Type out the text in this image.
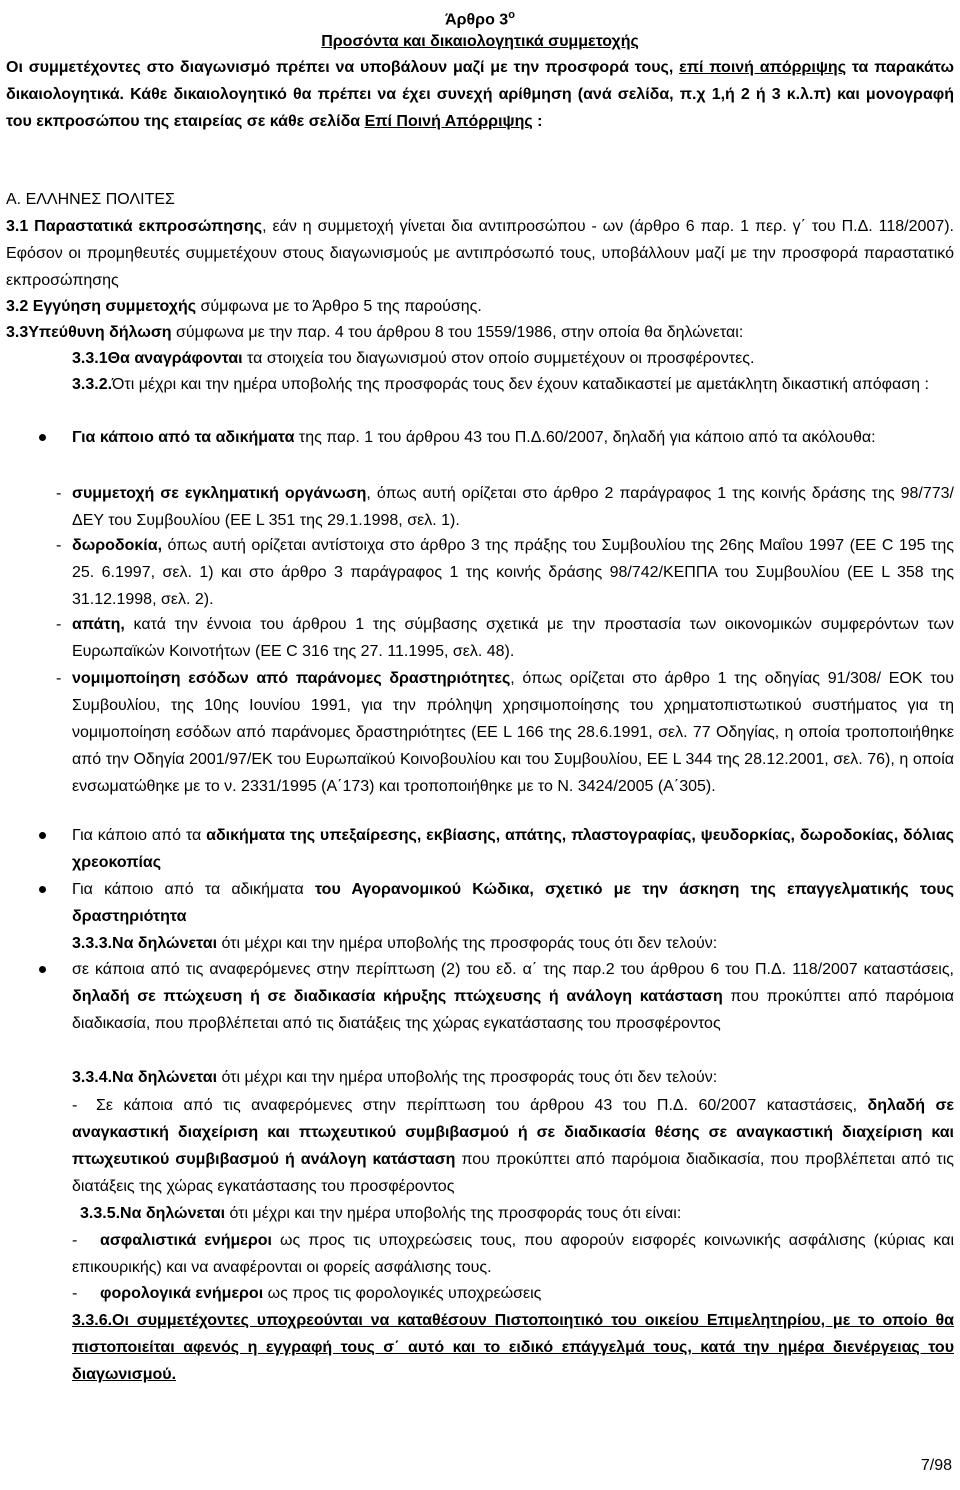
Άρθρο $3^o$
Προσόντα και δικαιολογητικά συμμετοχής
Οι συμμετέχοντες στο διαγωνισμό πρέπει να υποβάλουν μαζί με την προσφορά τους, επί ποινή απόρριψης τα παρακάτω δικαιολογητικά. Κάθε δικαιολογητικό θα πρέπει να έχει συνεχή αρίθμηση (ανά σελίδα, π.χ 1,ή 2 ή 3 κ.λ.π) και μονογραφή του εκπροσώπου της εταιρείας σε κάθε σελίδα Επί Ποινή Απόρριψης :
Α. ΕΛΛΗΝΕΣ ΠΟΛΙΤΕΣ
3.1 Παραστατικά εκπροσώπησης, εάν η συμμετοχή γίνεται δια αντιπροσώπου - ων (άρθρο 6 παρ. 1 περ. γ΄ του Π.Δ. 118/2007). Εφόσον οι προμηθευτές συμμετέχουν στους διαγωνισμούς με αντιπρόσωπό τους, υποβάλλουν μαζί με την προσφορά παραστατικό εκπροσώπησης
3.2 Εγγύηση συμμετοχής σύμφωνα με το Άρθρο 5 της παρούσης.
3.3Υπεύθυνη δήλωση σύμφωνα με την παρ. 4 του άρθρου 8 του 1559/1986, στην οποία θα δηλώνεται:
3.3.1Θα αναγράφονται τα στοιχεία του διαγωνισμού στον οποίο συμμετέχουν οι προσφέροντες.
3.3.2.Ότι μέχρι και την ημέρα υποβολής της προσφοράς τους δεν έχουν καταδικαστεί με αμετάκλητη δικαστική απόφαση :
Για κάποιο από τα αδικήματα της παρ. 1 του άρθρου 43 του Π.Δ.60/2007, δηλαδή για κάποιο από τα ακόλουθα:
- συμμετοχή σε εγκληματική οργάνωση, όπως αυτή ορίζεται στο άρθρο 2 παράγραφος 1 της κοινής δράσης της 98/773/ΔΕΥ του Συμβουλίου (ΕΕ L 351 της 29.1.1998, σελ. 1).
- δωροδοκία, όπως αυτή ορίζεται αντίστοιχα στο άρθρο 3 της πράξης του Συμβουλίου της 26ης Μαΐου 1997 (ΕΕ C 195 της 25. 6.1997, σελ. 1) και στο άρθρο 3 παράγραφος 1 της κοινής δράσης 98/742/ΚΕΠΠΑ του Συμβουλίου (ΕΕ L 358 της 31.12.1998, σελ. 2).
- απάτη, κατά την έννοια του άρθρου 1 της σύμβασης σχετικά με την προστασία των οικονομικών συμφερόντων των Ευρωπαϊκών Κοινοτήτων (ΕΕ C 316 της 27. 11.1995, σελ. 48).
- νομιμοποίηση εσόδων από παράνομες δραστηριότητες, όπως ορίζεται στο άρθρο 1 της οδηγίας 91/308/ ΕΟΚ του Συμβουλίου, της 10ης Ιουνίου 1991, για την πρόληψη χρησιμοποίησης του χρηματοπιστωτικού συστήματος για τη νομιμοποίηση εσόδων από παράνομες δραστηριότητες (ΕΕ L 166 της 28.6.1991, σελ. 77 Οδηγίας, η οποία τροποποιήθηκε από την Οδηγία 2001/97/ΕΚ του Ευρωπαϊκού Κοινοβουλίου και του Συμβουλίου, ΕΕ L 344 της 28.12.2001, σελ. 76), η οποία ενσωματώθηκε με το ν. 2331/1995 (Α΄173) και τροποποιήθηκε με το Ν. 3424/2005 (Α΄305).
Για κάποιο από τα αδικήματα της υπεξαίρεσης, εκβίασης, απάτης, πλαστογραφίας, ψευδορκίας, δωροδοκίας, δόλιας χρεοκοπίας
Για κάποιο από τα αδικήματα του Αγορανομικού Κώδικα, σχετικό με την άσκηση της επαγγελματικής τους δραστηριότητα
3.3.3.Να δηλώνεται ότι μέχρι και την ημέρα υποβολής της προσφοράς τους ότι δεν τελούν:
σε κάποια από τις αναφερόμενες στην περίπτωση (2) του εδ. α΄ της παρ.2 του άρθρου 6 του Π.Δ. 118/2007 καταστάσεις, δηλαδή σε πτώχευση ή σε διαδικασία κήρυξης πτώχευσης ή ανάλογη κατάσταση που προκύπτει από παρόμοια διαδικασία, που προβλέπεται από τις διατάξεις της χώρας εγκατάστασης του προσφέροντος
3.3.4.Να δηλώνεται ότι μέχρι και την ημέρα υποβολής της προσφοράς τους ότι δεν τελούν:
-	Σε κάποια από τις αναφερόμενες στην περίπτωση του άρθρου 43 του Π.Δ. 60/2007 καταστάσεις, δηλαδή σε αναγκαστική διαχείριση και πτωχευτικού συμβιβασμού ή σε διαδικασία θέσης σε αναγκαστική διαχείριση και πτωχευτικού συμβιβασμού ή ανάλογη κατάσταση που προκύπτει από παρόμοια διαδικασία, που προβλέπεται από τις διατάξεις της χώρας εγκατάστασης του προσφέροντος
3.3.5.Να δηλώνεται ότι μέχρι και την ημέρα υποβολής της προσφοράς τους ότι είναι:
-	ασφαλιστικά ενήμεροι ως προς τις υποχρεώσεις τους, που αφορούν εισφορές κοινωνικής ασφάλισης (κύριας και επικουρικής) και να αναφέρονται οι φορείς ασφάλισης τους.
- φορολογικά ενήμεροι ως προς τις φορολογικές υποχρεώσεις
3.3.6.Οι συμμετέχοντες υποχρεούνται να καταθέσουν Πιστοποιητικό του οικείου Επιμελητηρίου, με το οποίο θα πιστοποιείται αφενός η εγγραφή τους σ΄ αυτό και το ειδικό επάγγελμά τους, κατά την ημέρα διενέργειας του διαγωνισμού.
7/98
